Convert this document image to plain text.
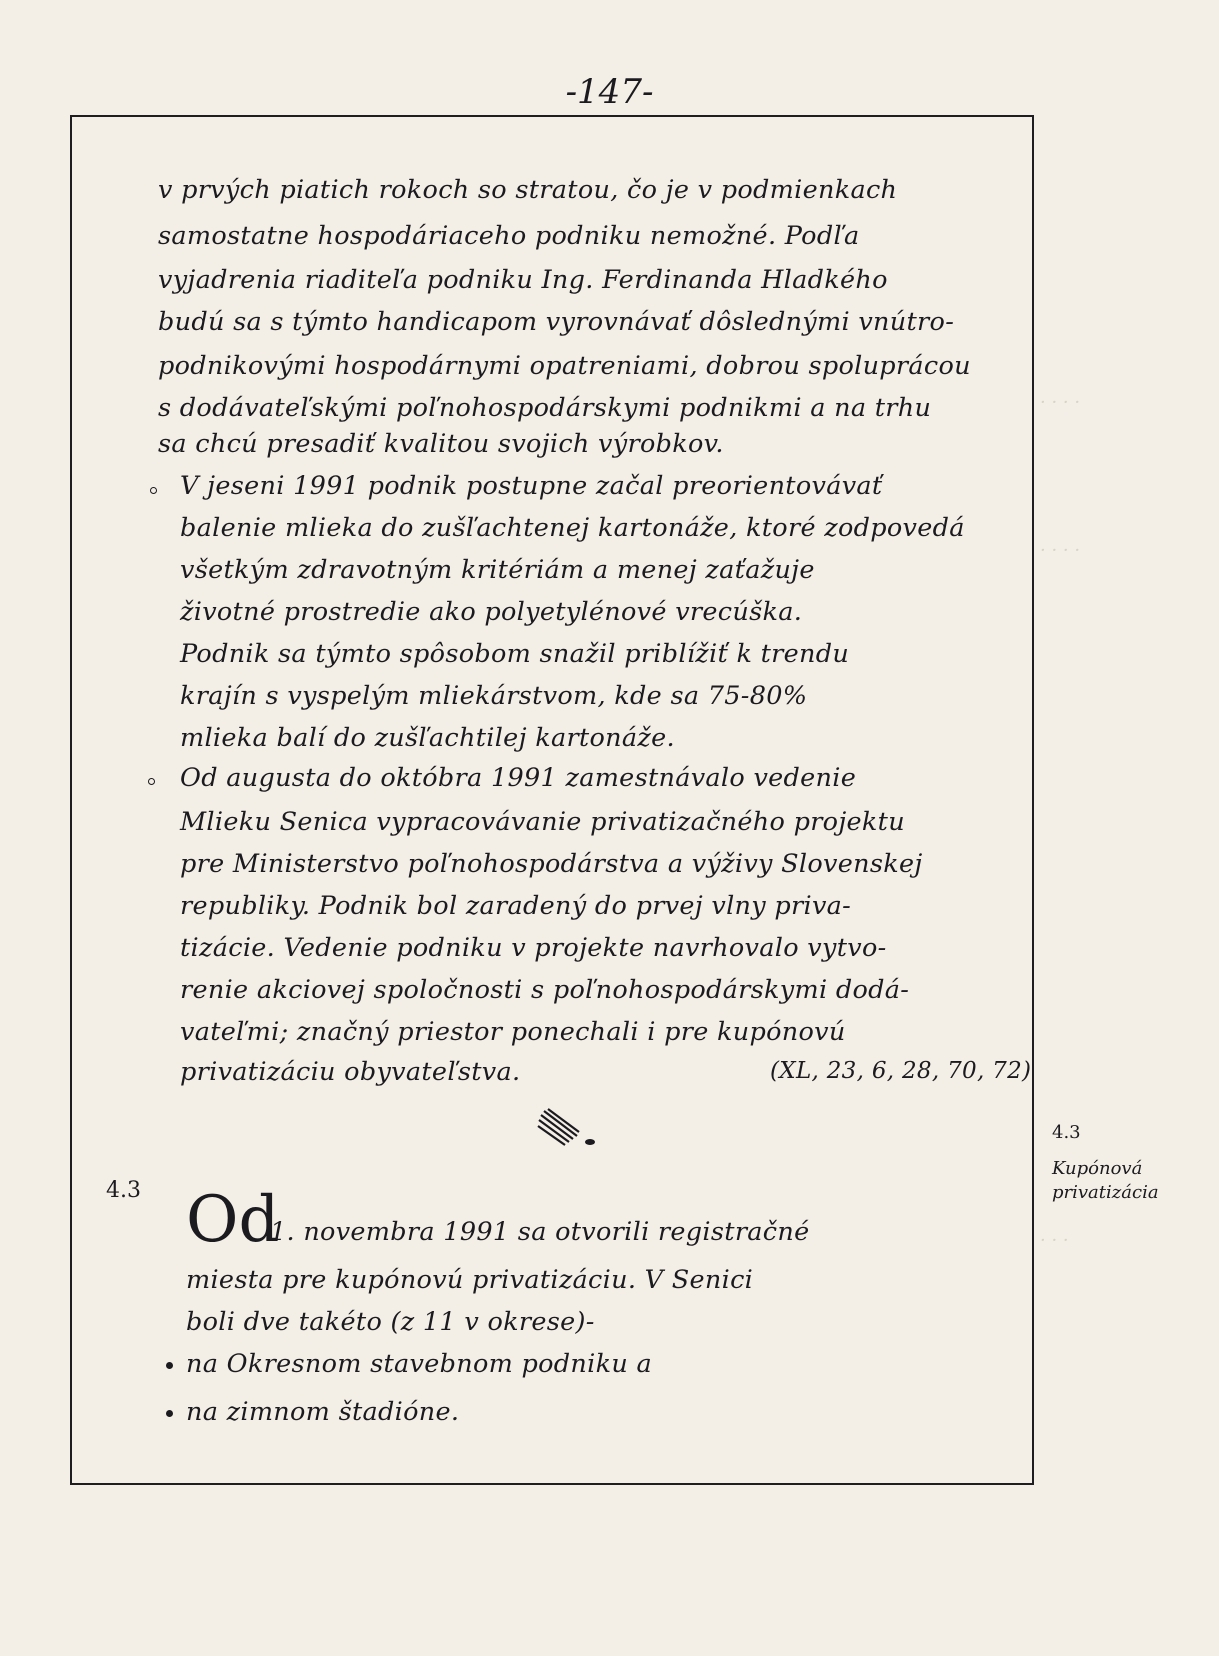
-147-
· · · ·
· · · ·
· · ·
v prvých piatich rokoch so stratou, čo je v podmienkach
samostatne hospodáriaceho podniku nemožné. Podľa
vyjadrenia riaditeľa podniku Ing. Ferdinanda Hladkého
budú sa s týmto handicapom vyrovnávať dôslednými vnútro-
podnikovými hospodárnymi opatreniami, dobrou spoluprácou
s dodávateľskými poľnohospodárskymi podnikmi a na trhu
sa chcú presadiť kvalitou svojich výrobkov.
V jeseni 1991 podnik postupne začal preorientovávať
balenie mlieka do zušľachtenej kartonáže, ktoré zodpovedá
všetkým zdravotným kritériám a menej zaťažuje
životné prostredie ako polyetylénové vrecúška.
Podnik sa týmto spôsobom snažil priblížiť k trendu
krajín s vyspelým mliekárstvom, kde sa 75-80%
mlieka balí do zušľachtilej kartonáže.
Od augusta do októbra 1991 zamestnávalo vedenie
Mlieku Senica vypracovávanie privatizačného projektu
pre Ministerstvo poľnohospodárstva a výživy Slovenskej
republiky. Podnik bol zaradený do prvej vlny priva-
tizácie. Vedenie podniku v projekte navrhovalo vytvo-
renie akciovej spoločnosti s poľnohospodárskymi dodá-
vateľmi; značný priestor ponechali i pre kupónovú
privatizáciu obyvateľstva.	(XL, 23, 6, 28, 70, 72)
4.3 Od
1. novembra 1991 sa otvorili registračné
miesta pre kupónovú privatizáciu. V Senici
boli dve takéto (z 11 v okrese)-
na Okresnom stavebnom podniku a
na zimnom štadióne.
4.3
Kupónová
privatizácia
